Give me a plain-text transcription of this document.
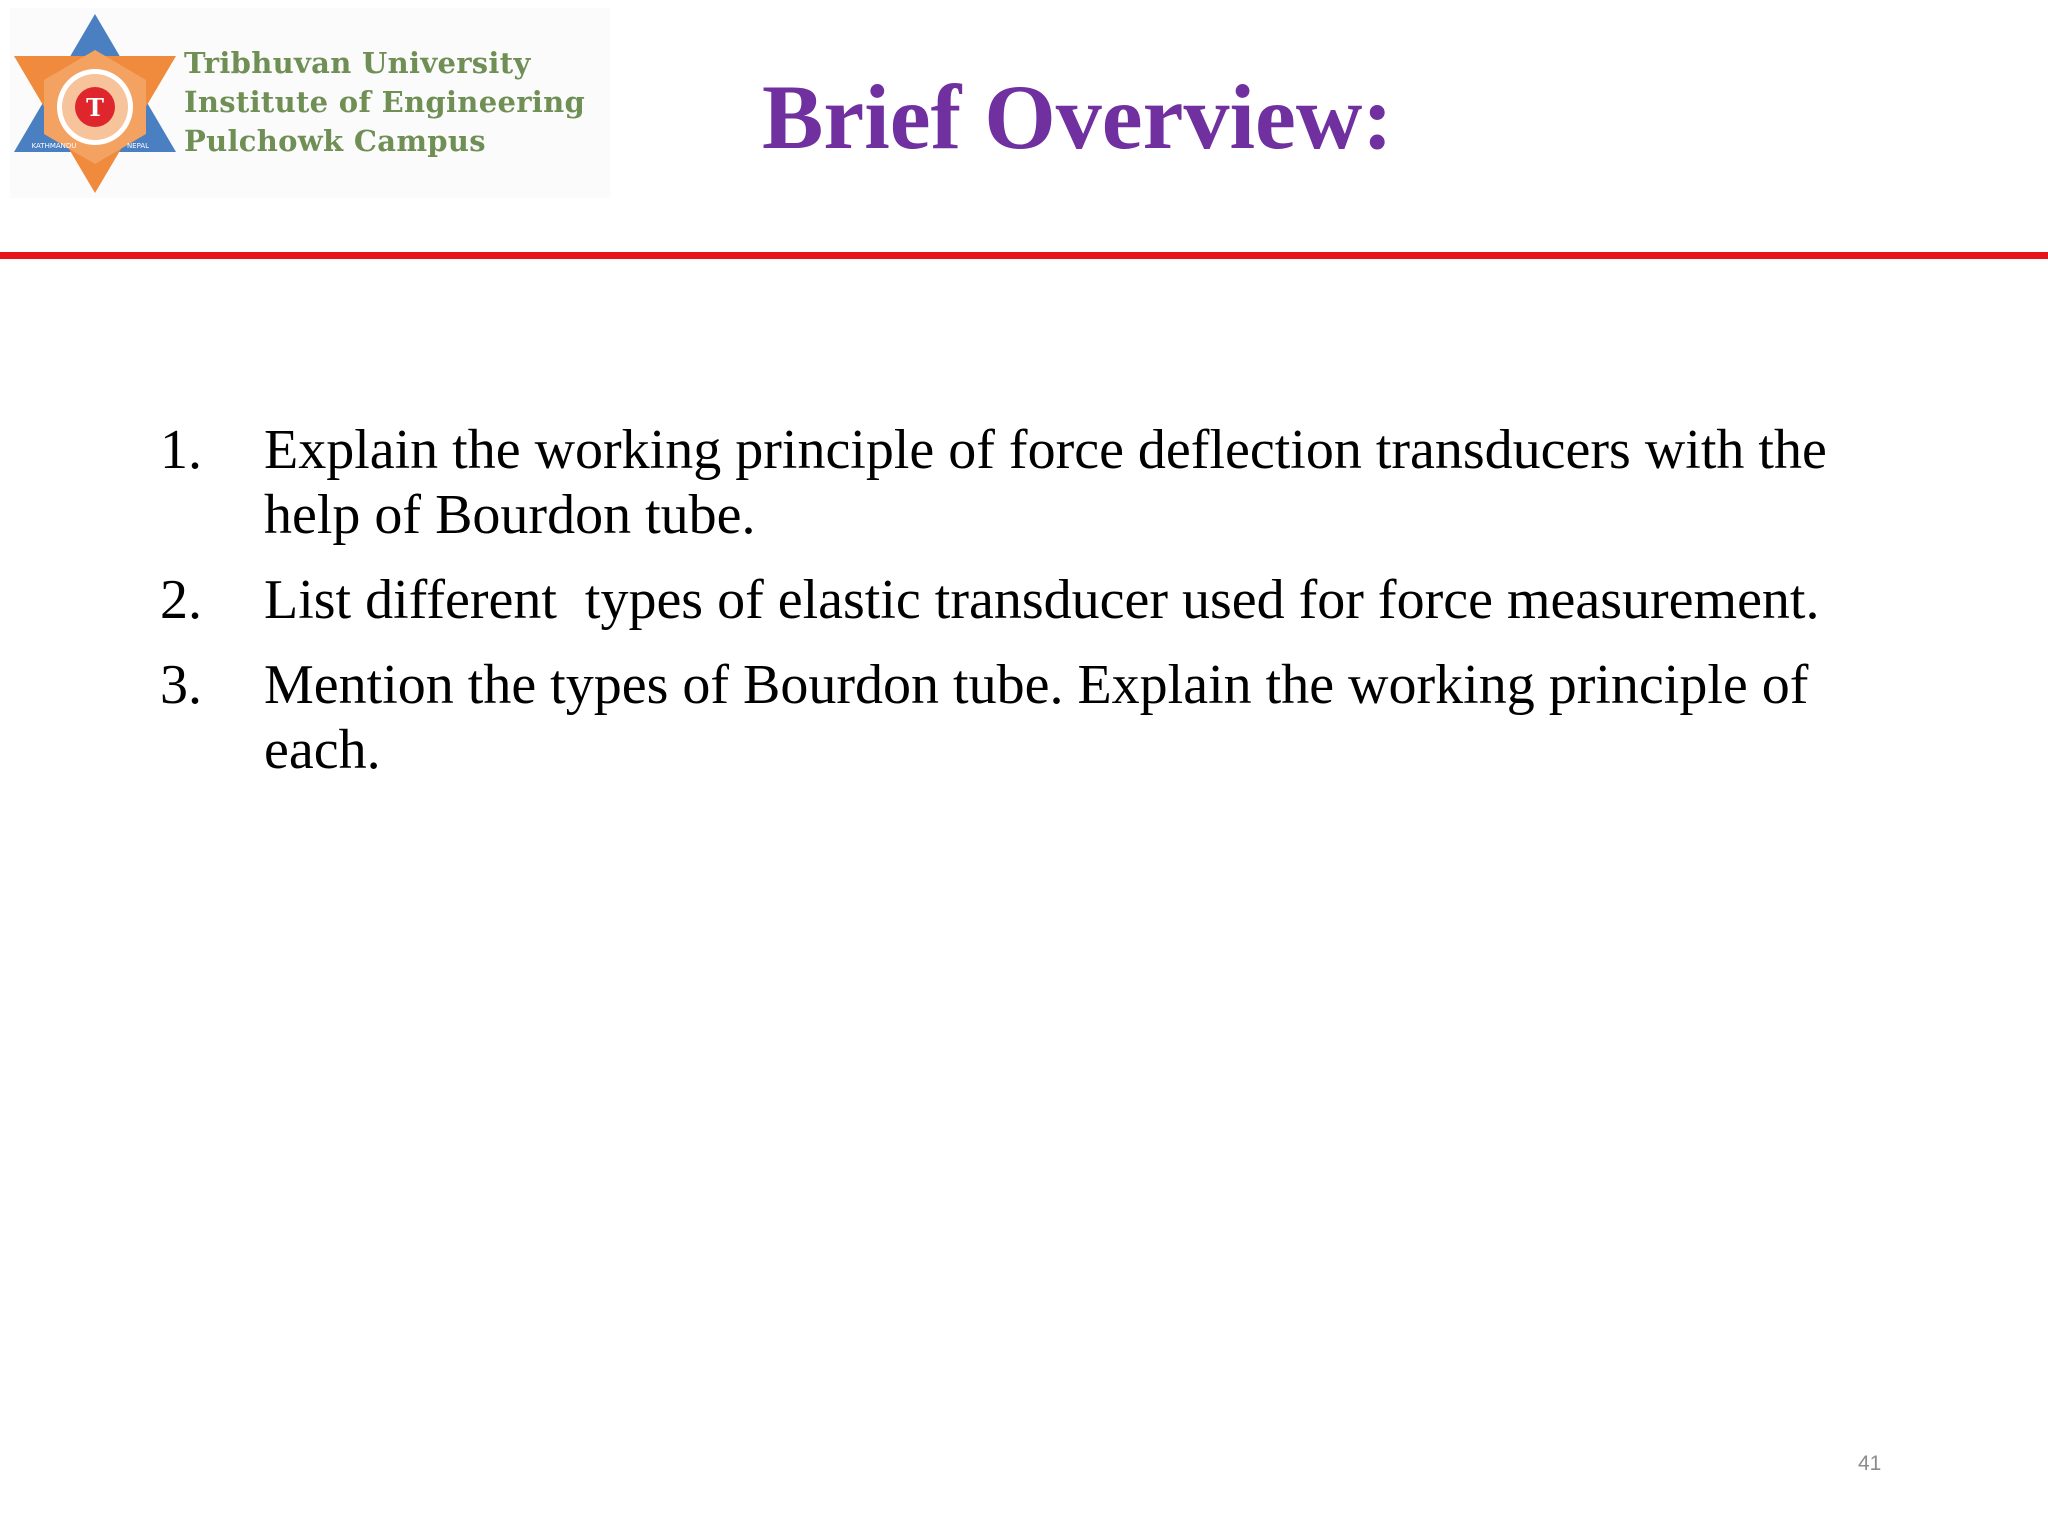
T
KATHMANDU	NEPAL
Tribhuvan University
Institute of Engineering
Pulchowk Campus	Brief Overview:
1. Explain the working principle of force deflection transducers with the help of Bourdon tube.
2. List different  types of elastic transducer used for force measurement.
3. Mention the types of Bourdon tube. Explain the working principle of each.
41
